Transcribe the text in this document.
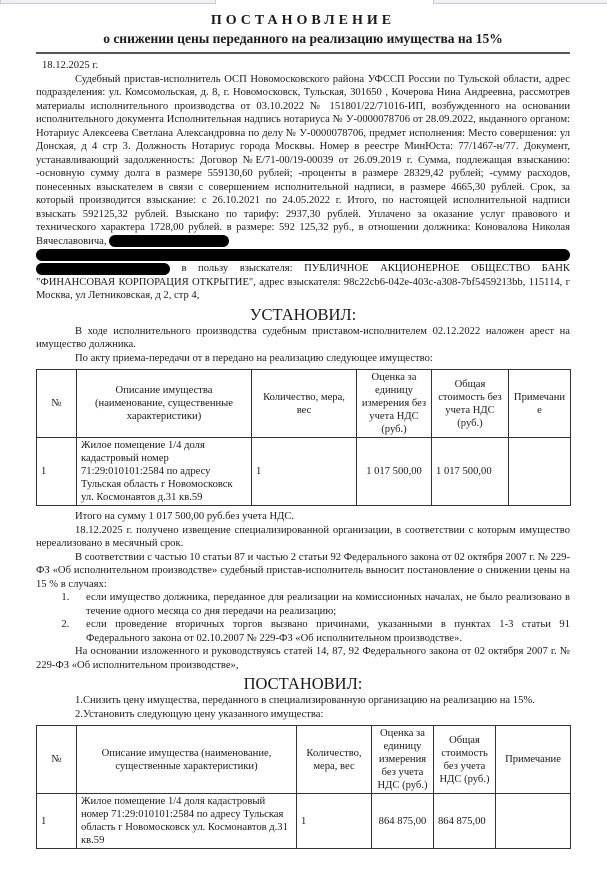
ПОСТАНОВЛЕНИЕ
о снижении цены переданного на реализацию имущества на 15%

18.12.2025 г.

Судебный пристав-исполнитель ОСП Новомосковского района УФССП России по Тульской области, адрес подразделения: ул. Комсомольская, д. 8, г. Новомосковск, Тульская, 301650 , Кочерова Нина Андреевна, рассмотрев материалы исполнительного производства от 03.10.2022 № 151801/22/71016-ИП, возбужденного на основании исполнительного документа Исполнительная надпись нотариуса № У-0000078706 от 28.09.2022, выданного органом: Нотариус Алексеева Светлана Александровна по делу № У-0000078706, предмет исполнения: Место совершения: ул Донская, д 4 стр 3. Должность Нотариус города Москвы. Номер в реестре МинЮста: 77/1467-н/77. Документ, устанавливающий задолженность: Договор №Е/71-00/19-00039 от 26.09.2019 г. Сумма, подлежащая взысканию: -основную сумму долга в размере 559130,60 рублей; -проценты в размере 28329,42 рублей; -сумму расходов, понесенных взыскателем в связи с совершением исполнительной надписи, в размере 4665,30 рублей. Срок, за который производится взыскание: с 26.10.2021 по 24.05.2022 г. Итого, по настоящей исполнительной надписи взыскать 592125,32 рублей. Взыскано по тарифу: 2937,30 рублей. Уплачено за оказание услуг правового и технического характера 1728,00 рублей. в размере: 592 125,32 руб., в отношении должника: Коновалова Николая Вячеславовича,
в пользу взыскателя: ПУБЛИЧНОЕ АКЦИОНЕРНОЕ ОБЩЕСТВО БАНК "ФИНАНСОВАЯ КОРПОРАЦИЯ ОТКРЫТИЕ", адрес взыскателя: 98c22cb6-042e-403c-a308-7bf5459213bb, 115114, г Москва, ул Летниковская, д 2, стр 4,
УСТАНОВИЛ:

В ходе исполнительного производства судебным приставом-исполнителем 02.12.2022 наложен арест на имущество должника.

По акту приема-передачи от в передано на реализацию следующее имущество:

№	Описание имущества (наименование, существенные характеристики)	Количество, мера, вес	Оценка за единицу измерения без учета НДС (руб.)	Общая стоимость без учета НДС (руб.)	Примечание
1	Жилое помещение 1/4 доля кадастровый номер 71:29:010101:2584 по адресу Тульская область г Новомосковск ул. Космонавтов д.31 кв.59	1	1 017 500,00	1 017 500,00	

Итого на сумму 1 017 500,00 руб.без учета НДС.

18.12.2025 г. получено извещение специализированной организации, в соответствии с которым имущество нереализовано в месячный срок.

В соответствии с частью 10 статьи 87 и частью 2 статьи 92 Федерального закона от 02 октября 2007 г. № 229-ФЗ «Об исполнительном производстве» судебный пристав-исполнитель выносит постановление о снижении цены на 15 % в случаях:

1. если имущество должника, переданное для реализации на комиссионных началах, не было реализовано в течение одного месяца со дня передачи на реализацию;
2. если проведение вторичных торгов вызвано причинами, указанными в пунктах 1-3 статьи 91 Федерального закона от 02.10.2007 № 229-ФЗ «Об исполнительном производстве».

На основании изложенного и руководствуясь статей 14, 87, 92 Федерального закона от 02 октября 2007 г. № 229-ФЗ «Об исполнительном производстве»,

ПОСТАНОВИЛ:

1.Снизить цену имущества, переданного в специализированную организацию на реализацию на 15%.

2.Установить следующую цену указанного имущества:

№	Описание имущества (наименование, существенные характеристики)	Количество, мера, вес	Оценка за единицу измерения без учета НДС (руб.)	Общая стоимость без учета НДС (руб.)	Примечание
1	Жилое помещение 1/4 доля кадастровый номер 71:29:010101:2584 по адресу Тульская область г Новомосковск ул. Космонавтов д.31 кв.59	1	864 875,00	864 875,00	
